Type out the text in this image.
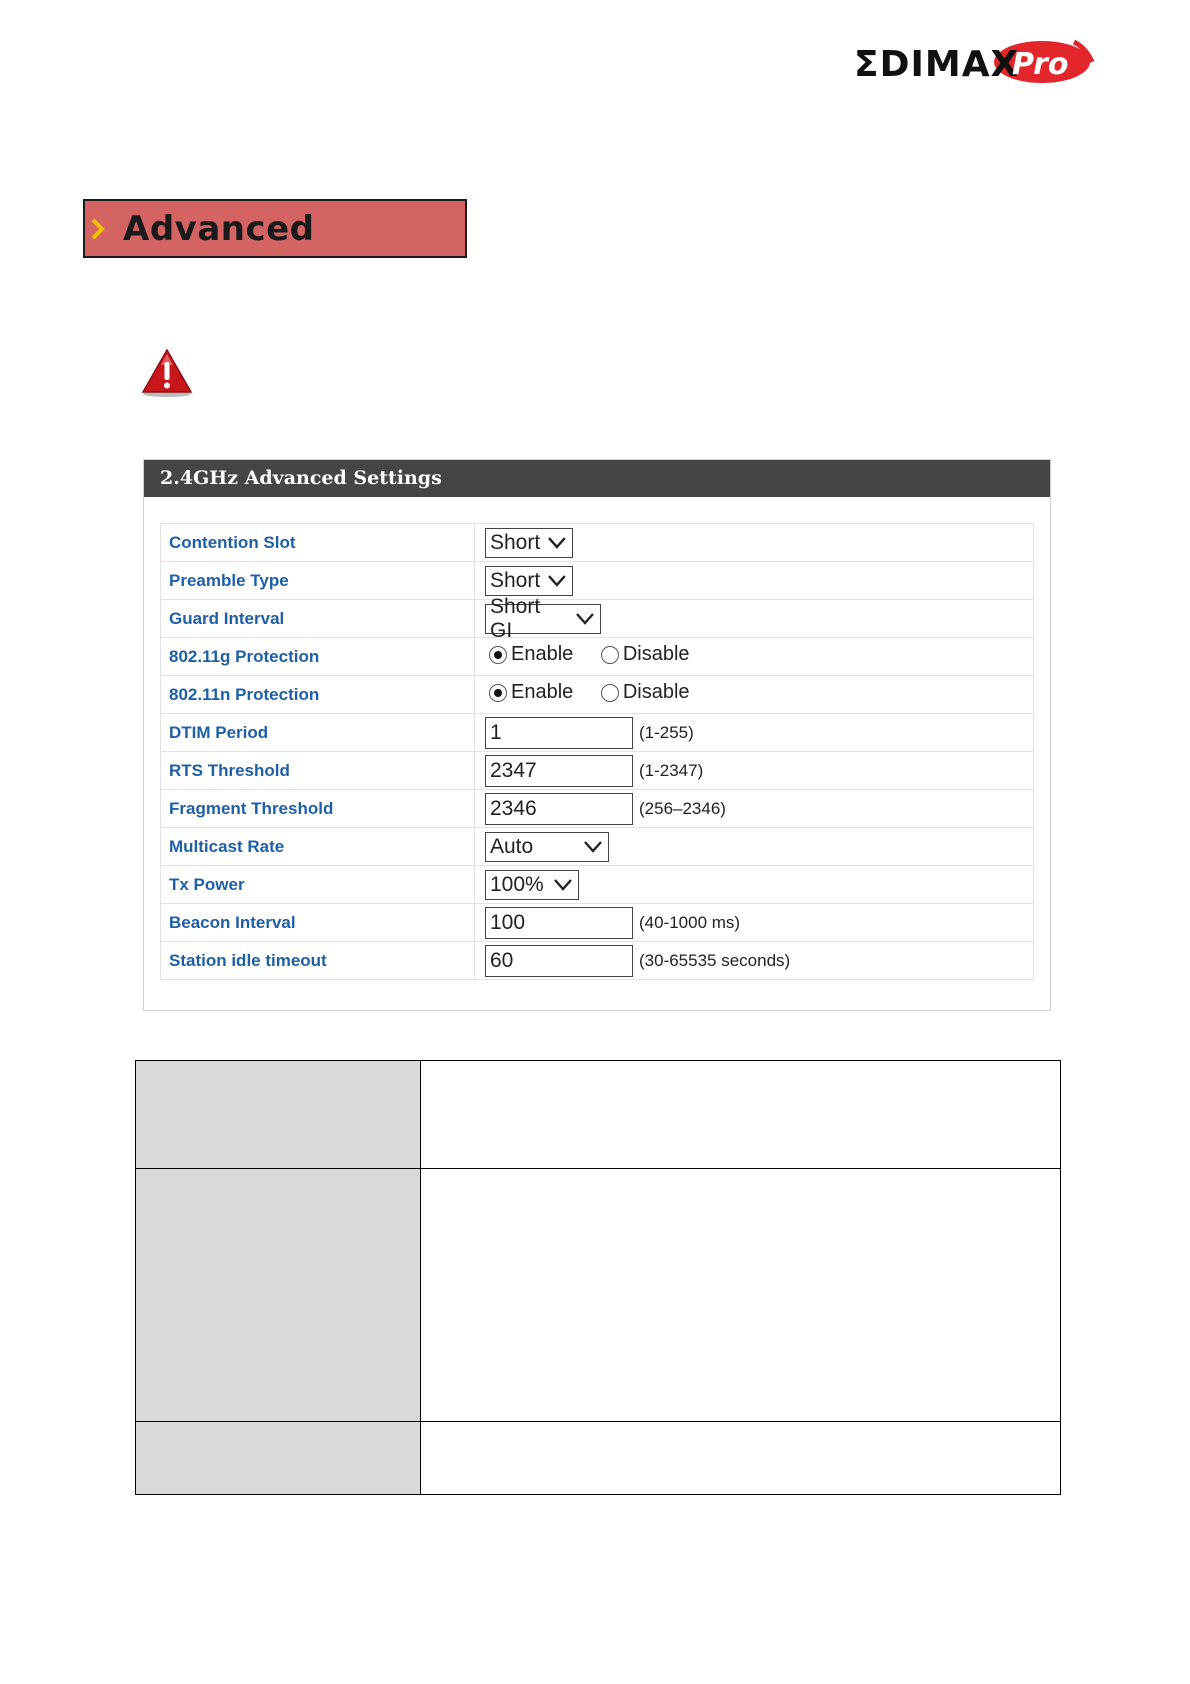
ΣDIMAX
Pro
Advanced
2.4GHz Advanced Settings
Contention Slot	Short

Preamble Type	Short

Guard Interval	Short GI

802.11g Protection	Enable
Disable

802.11n Protection	Enable
Disable

DTIM Period	1 (1-255)
RTS Threshold	2347 (1-2347)
Fragment Threshold	2346 (256–2346)
Multicast Rate	Auto

Tx Power	100%

Beacon Interval	100 (40-1000 ms)
Station idle timeout	60 (30-65535 seconds)
